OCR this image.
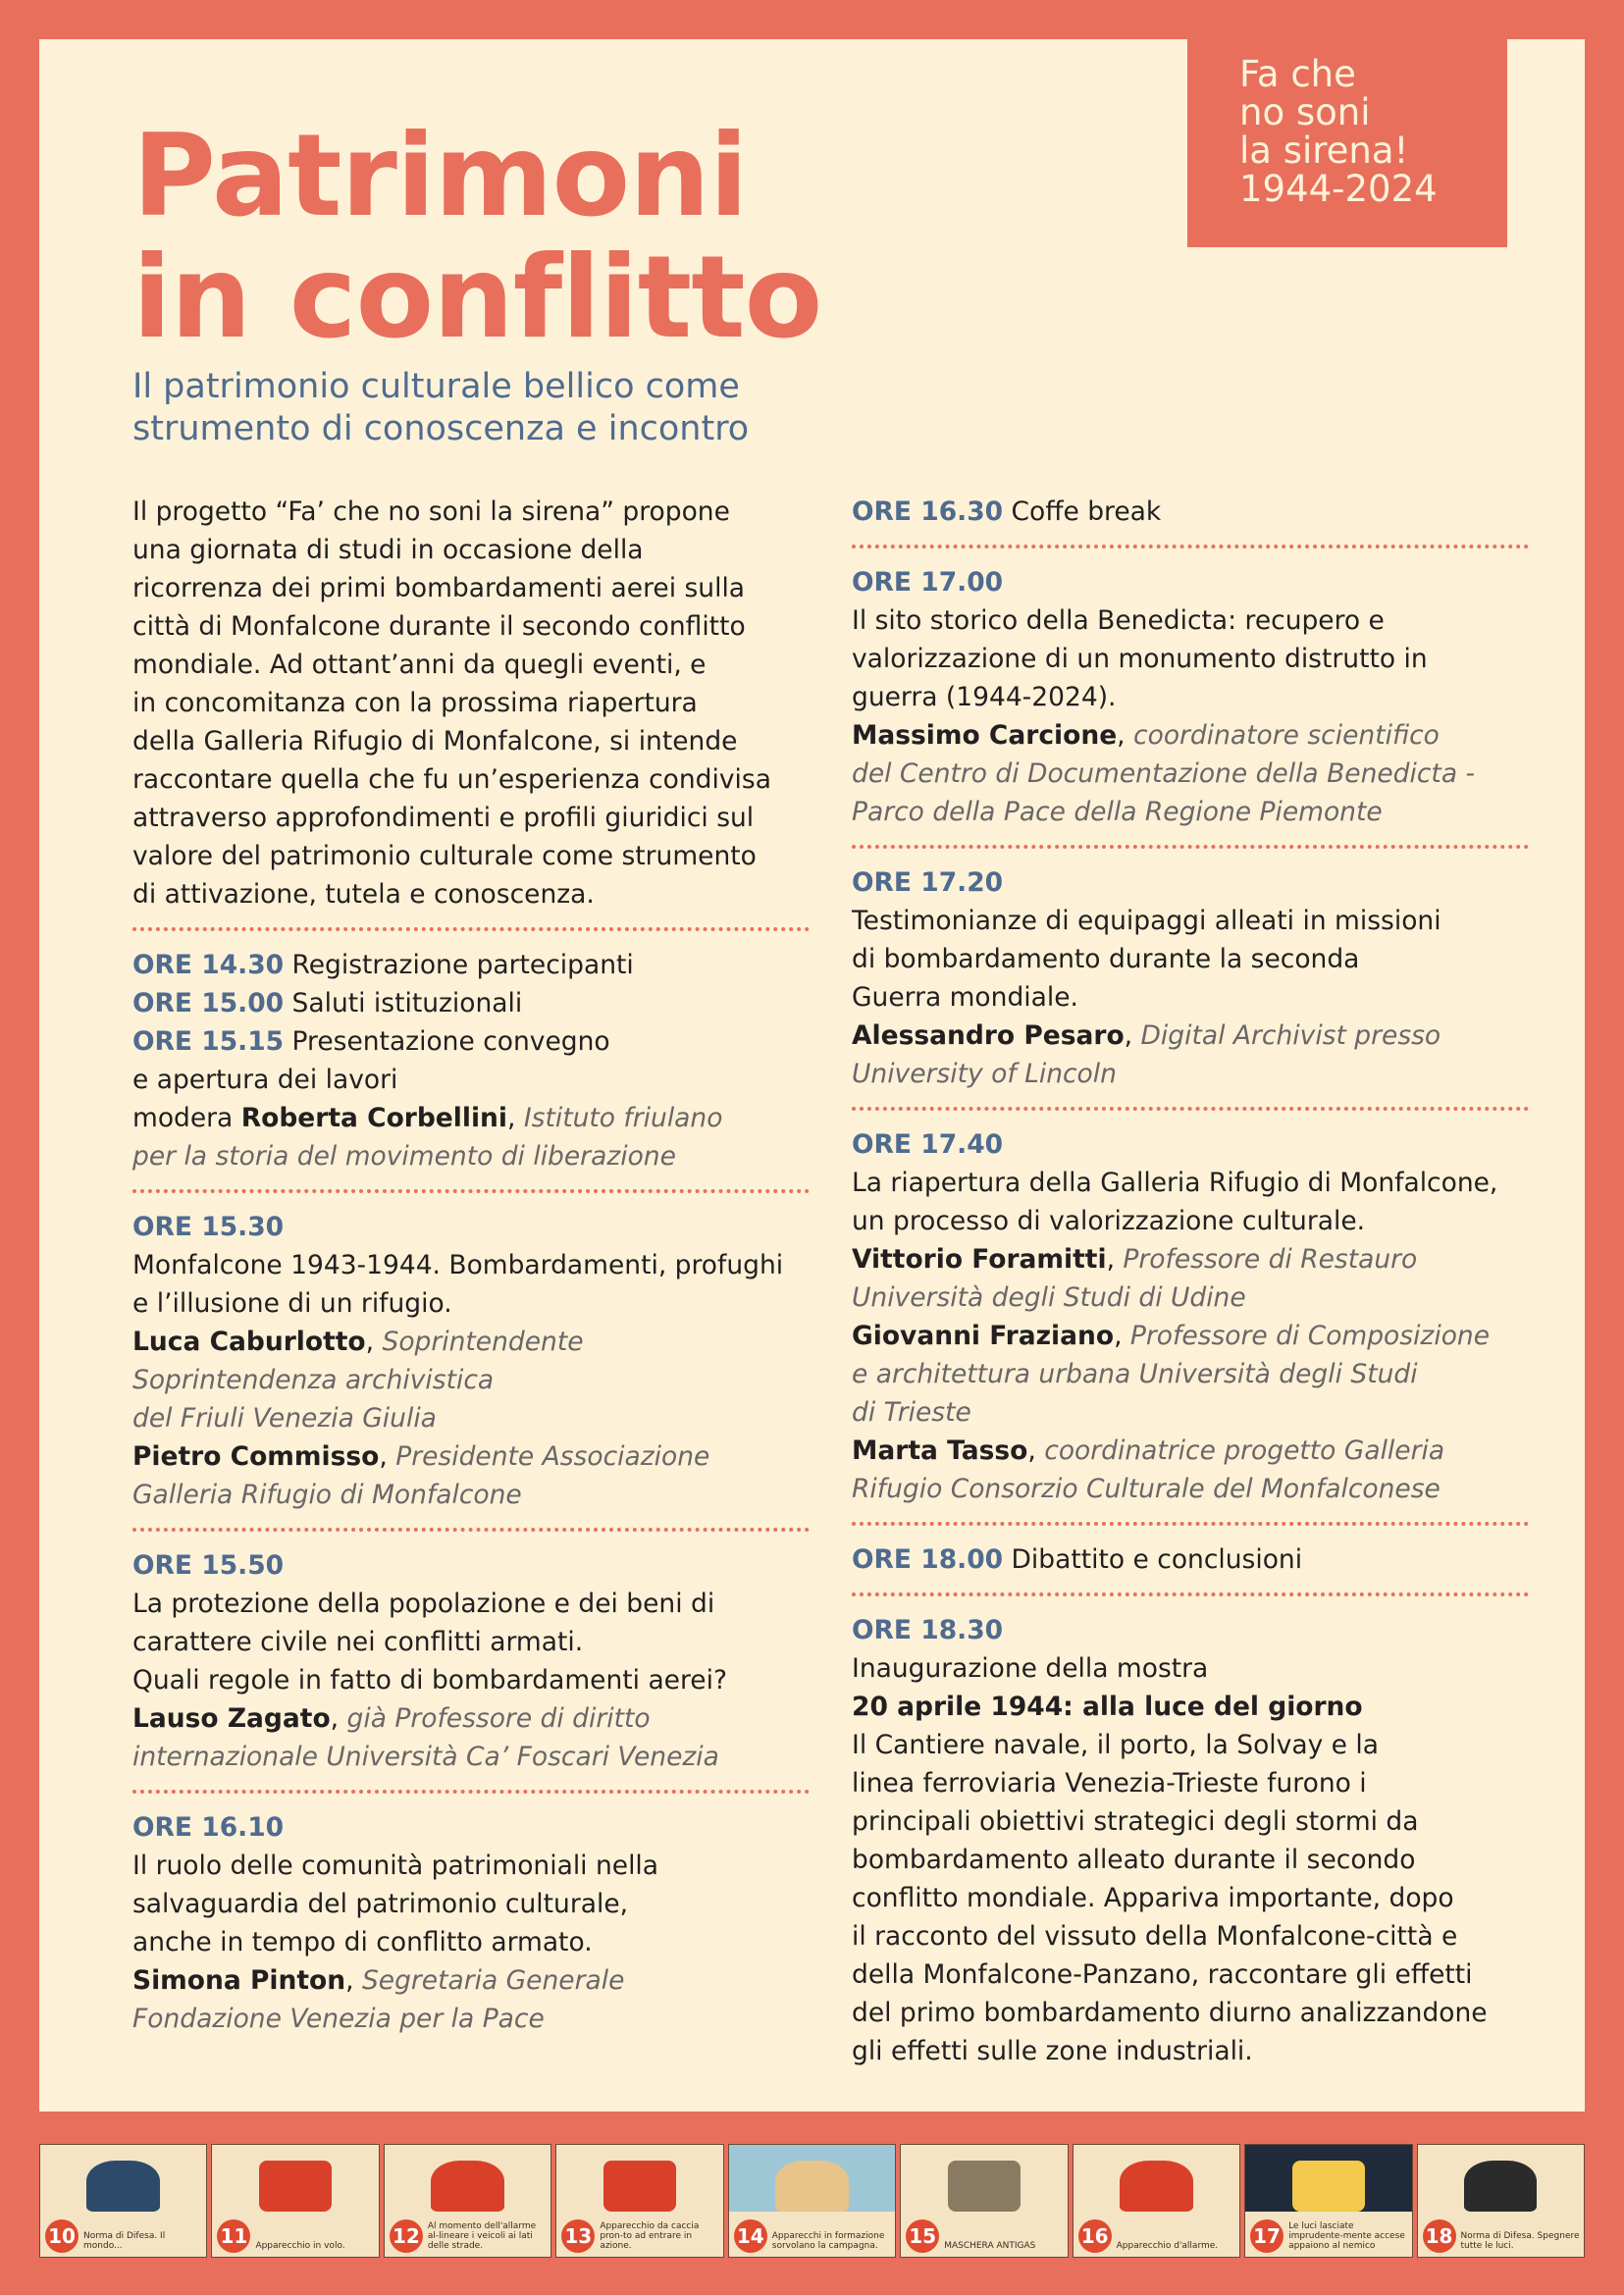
Fa che
no soni
la sirena!
1944-2024
Patrimoni
in conflitto
Il patrimonio culturale bellico come
strumento di conoscenza e incontro
Il progetto “Fa’ che no soni la sirena” propone
una giornata di studi in occasione della
ricorrenza dei primi bombardamenti aerei sulla
città di Monfalcone durante il secondo conflitto
mondiale. Ad ottant’anni da quegli eventi, e
in concomitanza con la prossima riapertura
della Galleria Rifugio di Monfalcone, si intende
raccontare quella che fu un’esperienza condivisa
attraverso approfondimenti e profili giuridici sul
valore del patrimonio culturale come strumento
di attivazione, tutela e conoscenza.
ORE 14.30 Registrazione partecipanti
ORE 15.00 Saluti istituzionali
ORE 15.15 Presentazione convegno
e apertura dei lavori
modera Roberta Corbellini, Istituto friulano
per la storia del movimento di liberazione
ORE 15.30
Monfalcone 1943-1944. Bombardamenti, profughi
e l’illusione di un rifugio.
Luca Caburlotto, Soprintendente
Soprintendenza archivistica
del Friuli Venezia Giulia
Pietro Commisso, Presidente Associazione
Galleria Rifugio di Monfalcone
ORE 15.50
La protezione della popolazione e dei beni di
carattere civile nei conflitti armati.
Quali regole in fatto di bombardamenti aerei?
Lauso Zagato, già Professore di diritto
internazionale Università Ca’ Foscari Venezia
ORE 16.10
Il ruolo delle comunità patrimoniali nella
salvaguardia del patrimonio culturale,
anche in tempo di conflitto armato.
Simona Pinton, Segretaria Generale
Fondazione Venezia per la Pace
ORE 16.30 Coffe break
ORE 17.00
Il sito storico della Benedicta: recupero e
valorizzazione di un monumento distrutto in
guerra (1944-2024).
Massimo Carcione, coordinatore scientifico
del Centro di Documentazione della Benedicta -
Parco della Pace della Regione Piemonte
ORE 17.20
Testimonianze di equipaggi alleati in missioni
di bombardamento durante la seconda
Guerra mondiale.
Alessandro Pesaro, Digital Archivist presso
University of Lincoln
ORE 17.40
La riapertura della Galleria Rifugio di Monfalcone,
un processo di valorizzazione culturale.
Vittorio Foramitti, Professore di Restauro
Università degli Studi di Udine
Giovanni Fraziano, Professore di Composizione
e architettura urbana Università degli Studi
di Trieste
Marta Tasso, coordinatrice progetto Galleria
Rifugio Consorzio Culturale del Monfalconese
ORE 18.00 Dibattito e conclusioni
ORE 18.30
Inaugurazione della mostra
20 aprile 1944: alla luce del giorno
Il Cantiere navale, il porto, la Solvay e la
linea ferroviaria Venezia-Trieste furono i
principali obiettivi strategici degli stormi da
bombardamento alleato durante il secondo
conflitto mondiale. Appariva importante, dopo
il racconto del vissuto della Monfalcone-città e
della Monfalcone-Panzano, raccontare gli effetti
del primo bombardamento diurno analizzandone
gli effetti sulle zone industriali.
10 Norma di Difesa. Il mondo...	11 Apparecchio in volo.	12 Al momento dell'allarme al-lineare i veicoli ai lati delle strade.	13 Apparecchio da caccia pron-to ad entrare in azione.	14 Apparecchi in formazione sorvolano la campagna.	15 MASCHERA ANTIGAS	16 Apparecchio d'allarme.	17 Le luci lasciate imprudente-mente accese appaiono al nemico	18 Norma di Difesa. Spegnere tutte le luci.
